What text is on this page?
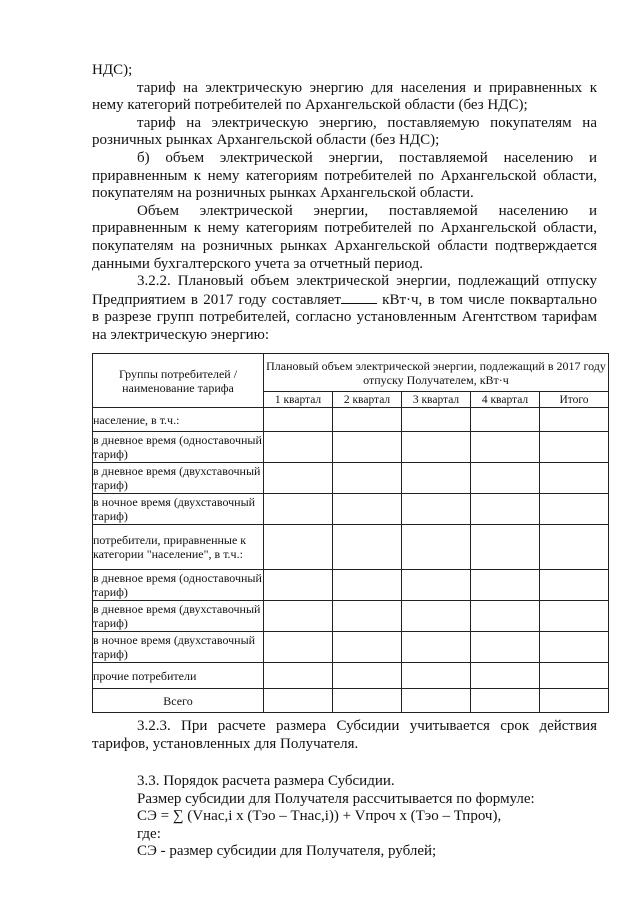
НДС);
тариф на электрическую энергию для населения и приравненных к
нему категорий потребителей по Архангельской области (без НДС);
тариф на электрическую энергию, поставляемую покупателям на
розничных рынках Архангельской области (без НДС);
б) объем электрической энергии, поставляемой населению и
приравненным к нему категориям потребителей по Архангельской области,
покупателям на розничных рынках Архангельской области.
Объем электрической энергии, поставляемой населению и
приравненным к нему категориям потребителей по Архангельской области,
покупателям на розничных рынках Архангельской области подтверждается
данными бухгалтерского учета за отчетный период.
3.2.2. Плановый объем электрической энергии, подлежащий отпуску
Предприятием в 2017 году составляет	кВт·ч, в том числе поквартально
в разрезе групп потребителей, согласно установленным Агентством тарифам
на электрическую энергию:
Группы потребителей / наименование тарифа	Плановый объем электрической энергии, подлежащий в 2017 году отпуску Получателем, кВт·ч				
	1 квартал	2 квартал	3 квартал	4 квартал	Итого
население, в т.ч.:					
в дневное время (одноставочный тариф)					
в дневное время (двухставочный тариф)					
в ночное время (двухставочный тариф)					
потребители, приравненные к категории "население", в т.ч.:					
в дневное время (одноставочный тариф)					
в дневное время (двухставочный тариф)					
в ночное время (двухставочный тариф)					
прочие потребители					
Всего					
3.2.3. При расчете размера Субсидии учитывается срок действия
тарифов, установленных для Получателя.
3.3. Порядок расчета размера Субсидии.
Размер субсидии для Получателя рассчитывается по формуле:
СЭ = ∑ (Vнас,i x (Тэо – Тнас,i)) + Vпроч x (Тэо – Тпроч),
где:
СЭ - размер субсидии для Получателя, рублей;
